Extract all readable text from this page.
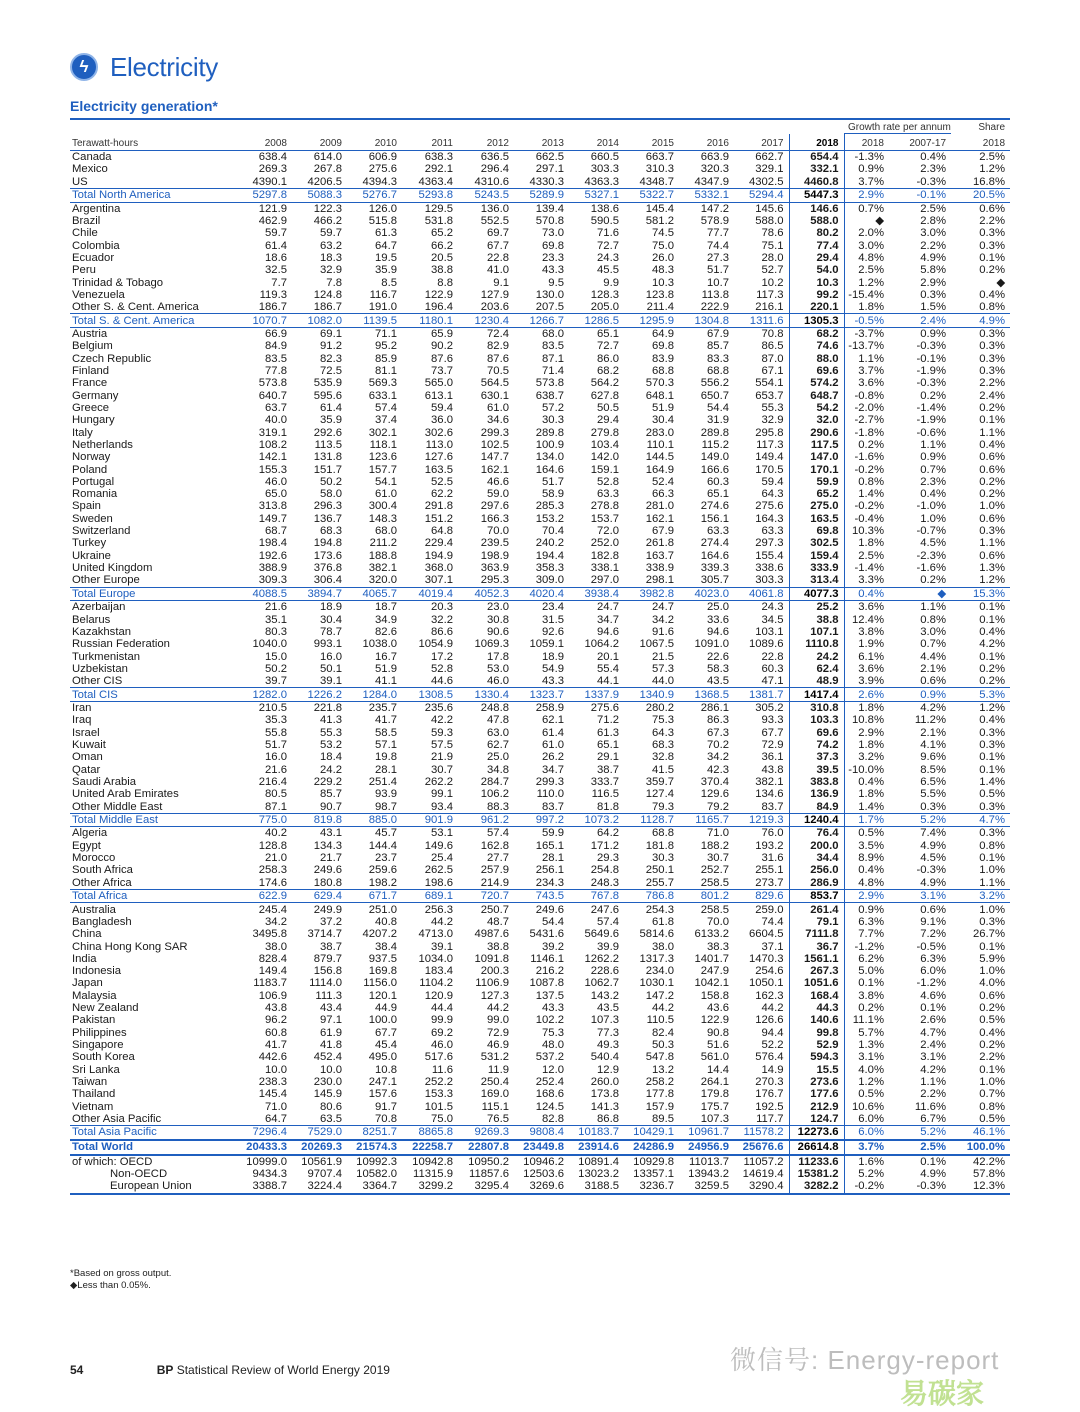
ϟ Electricity
Electricity generation*
												Growth rate per annum		Share
Terawatt-hours	2008	2009	2010	2011	2012	2013	2014	2015	2016	2017	2018	2018	2007-17	2018
Canada	638.4	614.0	606.9	638.3	636.5	662.5	660.5	663.7	663.9	662.7	654.4	-1.3%	0.4%	2.5%
Mexico	269.3	267.8	275.6	292.1	296.4	297.1	303.3	310.3	320.3	329.1	332.1	0.9%	2.3%	1.2%
US	4390.1	4206.5	4394.3	4363.4	4310.6	4330.3	4363.3	4348.7	4347.9	4302.5	4460.8	3.7%	-0.3%	16.8%
Total North America	5297.8	5088.3	5276.7	5293.8	5243.5	5289.9	5327.1	5322.7	5332.1	5294.4	5447.3	2.9%	-0.1%	20.5%
Argentina	121.9	122.3	126.0	129.5	136.0	139.4	138.6	145.4	147.2	145.6	146.6	0.7%	2.5%	0.6%
Brazil	462.9	466.2	515.8	531.8	552.5	570.8	590.5	581.2	578.9	588.0	588.0	◆	2.8%	2.2%
Chile	59.7	59.7	61.3	65.2	69.7	73.0	71.6	74.5	77.7	78.6	80.2	2.0%	3.0%	0.3%
Colombia	61.4	63.2	64.7	66.2	67.7	69.8	72.7	75.0	74.4	75.1	77.4	3.0%	2.2%	0.3%
Ecuador	18.6	18.3	19.5	20.5	22.8	23.3	24.3	26.0	27.3	28.0	29.4	4.8%	4.9%	0.1%
Peru	32.5	32.9	35.9	38.8	41.0	43.3	45.5	48.3	51.7	52.7	54.0	2.5%	5.8%	0.2%
Trinidad & Tobago	7.7	7.8	8.5	8.8	9.1	9.5	9.9	10.3	10.7	10.2	10.3	1.2%	2.9%	◆
Venezuela	119.3	124.8	116.7	122.9	127.9	130.0	128.3	123.8	113.8	117.3	99.2	-15.4%	0.3%	0.4%
Other S. & Cent. America	186.7	186.7	191.0	196.4	203.6	207.5	205.0	211.4	222.9	216.1	220.1	1.8%	1.5%	0.8%
Total S. & Cent. America	1070.7	1082.0	1139.5	1180.1	1230.4	1266.7	1286.5	1295.9	1304.8	1311.6	1305.3	-0.5%	2.4%	4.9%
Austria	66.9	69.1	71.1	65.9	72.4	68.0	65.1	64.9	67.9	70.8	68.2	-3.7%	0.9%	0.3%
Belgium	84.9	91.2	95.2	90.2	82.9	83.5	72.7	69.8	85.7	86.5	74.6	-13.7%	-0.3%	0.3%
Czech Republic	83.5	82.3	85.9	87.6	87.6	87.1	86.0	83.9	83.3	87.0	88.0	1.1%	-0.1%	0.3%
Finland	77.8	72.5	81.1	73.7	70.5	71.4	68.2	68.8	68.8	67.1	69.6	3.7%	-1.9%	0.3%
France	573.8	535.9	569.3	565.0	564.5	573.8	564.2	570.3	556.2	554.1	574.2	3.6%	-0.3%	2.2%
Germany	640.7	595.6	633.1	613.1	630.1	638.7	627.8	648.1	650.7	653.7	648.7	-0.8%	0.2%	2.4%
Greece	63.7	61.4	57.4	59.4	61.0	57.2	50.5	51.9	54.4	55.3	54.2	-2.0%	-1.4%	0.2%
Hungary	40.0	35.9	37.4	36.0	34.6	30.3	29.4	30.4	31.9	32.9	32.0	-2.7%	-1.9%	0.1%
Italy	319.1	292.6	302.1	302.6	299.3	289.8	279.8	283.0	289.8	295.8	290.6	-1.8%	-0.6%	1.1%
Netherlands	108.2	113.5	118.1	113.0	102.5	100.9	103.4	110.1	115.2	117.3	117.5	0.2%	1.1%	0.4%
Norway	142.1	131.8	123.6	127.6	147.7	134.0	142.0	144.5	149.0	149.4	147.0	-1.6%	0.9%	0.6%
Poland	155.3	151.7	157.7	163.5	162.1	164.6	159.1	164.9	166.6	170.5	170.1	-0.2%	0.7%	0.6%
Portugal	46.0	50.2	54.1	52.5	46.6	51.7	52.8	52.4	60.3	59.4	59.9	0.8%	2.3%	0.2%
Romania	65.0	58.0	61.0	62.2	59.0	58.9	63.3	66.3	65.1	64.3	65.2	1.4%	0.4%	0.2%
Spain	313.8	296.3	300.4	291.8	297.6	285.3	278.8	281.0	274.6	275.6	275.0	-0.2%	-1.0%	1.0%
Sweden	149.7	136.7	148.3	151.2	166.3	153.2	153.7	162.1	156.1	164.3	163.5	-0.4%	1.0%	0.6%
Switzerland	68.7	68.3	68.0	64.8	70.0	70.4	72.0	67.9	63.3	63.3	69.8	10.3%	-0.7%	0.3%
Turkey	198.4	194.8	211.2	229.4	239.5	240.2	252.0	261.8	274.4	297.3	302.5	1.8%	4.5%	1.1%
Ukraine	192.6	173.6	188.8	194.9	198.9	194.4	182.8	163.7	164.6	155.4	159.4	2.5%	-2.3%	0.6%
United Kingdom	388.9	376.8	382.1	368.0	363.9	358.3	338.1	338.9	339.3	338.6	333.9	-1.4%	-1.6%	1.3%
Other Europe	309.3	306.4	320.0	307.1	295.3	309.0	297.0	298.1	305.7	303.3	313.4	3.3%	0.2%	1.2%
Total Europe	4088.5	3894.7	4065.7	4019.4	4052.3	4020.4	3938.4	3982.8	4023.0	4061.8	4077.3	0.4%	◆	15.3%
Azerbaijan	21.6	18.9	18.7	20.3	23.0	23.4	24.7	24.7	25.0	24.3	25.2	3.6%	1.1%	0.1%
Belarus	35.1	30.4	34.9	32.2	30.8	31.5	34.7	34.2	33.6	34.5	38.8	12.4%	0.8%	0.1%
Kazakhstan	80.3	78.7	82.6	86.6	90.6	92.6	94.6	91.6	94.6	103.1	107.1	3.8%	3.0%	0.4%
Russian Federation	1040.0	993.1	1038.0	1054.9	1069.3	1059.1	1064.2	1067.5	1091.0	1089.6	1110.8	1.9%	0.7%	4.2%
Turkmenistan	15.0	16.0	16.7	17.2	17.8	18.9	20.1	21.5	22.6	22.8	24.2	6.1%	4.4%	0.1%
Uzbekistan	50.2	50.1	51.9	52.8	53.0	54.9	55.4	57.3	58.3	60.3	62.4	3.6%	2.1%	0.2%
Other CIS	39.7	39.1	41.1	44.6	46.0	43.3	44.1	44.0	43.5	47.1	48.9	3.9%	0.6%	0.2%
Total CIS	1282.0	1226.2	1284.0	1308.5	1330.4	1323.7	1337.9	1340.9	1368.5	1381.7	1417.4	2.6%	0.9%	5.3%
Iran	210.5	221.8	235.7	235.6	248.8	258.9	275.6	280.2	286.1	305.2	310.8	1.8%	4.2%	1.2%
Iraq	35.3	41.3	41.7	42.2	47.8	62.1	71.2	75.3	86.3	93.3	103.3	10.8%	11.2%	0.4%
Israel	55.8	55.3	58.5	59.3	63.0	61.4	61.3	64.3	67.3	67.7	69.6	2.9%	2.1%	0.3%
Kuwait	51.7	53.2	57.1	57.5	62.7	61.0	65.1	68.3	70.2	72.9	74.2	1.8%	4.1%	0.3%
Oman	16.0	18.4	19.8	21.9	25.0	26.2	29.1	32.8	34.2	36.1	37.3	3.2%	9.6%	0.1%
Qatar	21.6	24.2	28.1	30.7	34.8	34.7	38.7	41.5	42.3	43.8	39.5	-10.0%	8.5%	0.1%
Saudi Arabia	216.4	229.2	251.4	262.2	284.7	299.3	333.7	359.7	370.4	382.1	383.8	0.4%	6.5%	1.4%
United Arab Emirates	80.5	85.7	93.9	99.1	106.2	110.0	116.5	127.4	129.6	134.6	136.9	1.8%	5.5%	0.5%
Other Middle East	87.1	90.7	98.7	93.4	88.3	83.7	81.8	79.3	79.2	83.7	84.9	1.4%	0.3%	0.3%
Total Middle East	775.0	819.8	885.0	901.9	961.2	997.2	1073.2	1128.7	1165.7	1219.3	1240.4	1.7%	5.2%	4.7%
Algeria	40.2	43.1	45.7	53.1	57.4	59.9	64.2	68.8	71.0	76.0	76.4	0.5%	7.4%	0.3%
Egypt	128.8	134.3	144.4	149.6	162.8	165.1	171.2	181.8	188.2	193.2	200.0	3.5%	4.9%	0.8%
Morocco	21.0	21.7	23.7	25.4	27.7	28.1	29.3	30.3	30.7	31.6	34.4	8.9%	4.5%	0.1%
South Africa	258.3	249.6	259.6	262.5	257.9	256.1	254.8	250.1	252.7	255.1	256.0	0.4%	-0.3%	1.0%
Other Africa	174.6	180.8	198.2	198.6	214.9	234.3	248.3	255.7	258.5	273.7	286.9	4.8%	4.9%	1.1%
Total Africa	622.9	629.4	671.7	689.1	720.7	743.5	767.8	786.8	801.2	829.6	853.7	2.9%	3.1%	3.2%
Australia	245.4	249.9	251.0	256.3	250.7	249.6	247.6	254.3	258.5	259.0	261.4	0.9%	0.6%	1.0%
Bangladesh	34.2	37.2	40.8	44.2	48.7	54.4	57.4	61.8	70.0	74.4	79.1	6.3%	9.1%	0.3%
China	3495.8	3714.7	4207.2	4713.0	4987.6	5431.6	5649.6	5814.6	6133.2	6604.5	7111.8	7.7%	7.2%	26.7%
China Hong Kong SAR	38.0	38.7	38.4	39.1	38.8	39.2	39.9	38.0	38.3	37.1	36.7	-1.2%	-0.5%	0.1%
India	828.4	879.7	937.5	1034.0	1091.8	1146.1	1262.2	1317.3	1401.7	1470.3	1561.1	6.2%	6.3%	5.9%
Indonesia	149.4	156.8	169.8	183.4	200.3	216.2	228.6	234.0	247.9	254.6	267.3	5.0%	6.0%	1.0%
Japan	1183.7	1114.0	1156.0	1104.2	1106.9	1087.8	1062.7	1030.1	1042.1	1050.1	1051.6	0.1%	-1.2%	4.0%
Malaysia	106.9	111.3	120.1	120.9	127.3	137.5	143.2	147.2	158.8	162.3	168.4	3.8%	4.6%	0.6%
New Zealand	43.8	43.4	44.9	44.4	44.2	43.3	43.5	44.2	43.6	44.2	44.3	0.2%	0.1%	0.2%
Pakistan	96.2	97.1	100.0	99.9	99.0	102.2	107.3	110.5	122.9	126.6	140.6	11.1%	2.6%	0.5%
Philippines	60.8	61.9	67.7	69.2	72.9	75.3	77.3	82.4	90.8	94.4	99.8	5.7%	4.7%	0.4%
Singapore	41.7	41.8	45.4	46.0	46.9	48.0	49.3	50.3	51.6	52.2	52.9	1.3%	2.4%	0.2%
South Korea	442.6	452.4	495.0	517.6	531.2	537.2	540.4	547.8	561.0	576.4	594.3	3.1%	3.1%	2.2%
Sri Lanka	10.0	10.0	10.8	11.6	11.9	12.0	12.9	13.2	14.4	14.9	15.5	4.0%	4.2%	0.1%
Taiwan	238.3	230.0	247.1	252.2	250.4	252.4	260.0	258.2	264.1	270.3	273.6	1.2%	1.1%	1.0%
Thailand	145.4	145.9	157.6	153.3	169.0	168.6	173.8	177.8	179.8	176.7	177.6	0.5%	2.2%	0.7%
Vietnam	71.0	80.6	91.7	101.5	115.1	124.5	141.3	157.9	175.7	192.5	212.9	10.6%	11.6%	0.8%
Other Asia Pacific	64.7	63.5	70.8	75.0	76.5	82.8	86.8	89.5	107.3	117.7	124.7	6.0%	6.7%	0.5%
Total Asia Pacific	7296.4	7529.0	8251.7	8865.8	9269.3	9808.4	10183.7	10429.1	10961.7	11578.2	12273.6	6.0%	5.2%	46.1%
Total World	20433.3	20269.3	21574.3	22258.7	22807.8	23449.8	23914.6	24286.9	24956.9	25676.6	26614.8	3.7%	2.5%	100.0%
of which: OECD	10999.0	10561.9	10992.3	10942.8	10950.2	10946.2	10891.4	10929.8	11013.7	11057.2	11233.6	1.6%	0.1%	42.2%
Non-OECD	9434.3	9707.4	10582.0	11315.9	11857.6	12503.6	13023.2	13357.1	13943.2	14619.4	15381.2	5.2%	4.9%	57.8%
European Union	3388.7	3224.4	3364.7	3299.2	3295.4	3269.6	3188.5	3236.7	3259.5	3290.4	3282.2	-0.2%	-0.3%	12.3%
*Based on gross output.
◆Less than 0.05%.
54	BP Statistical Review of World Energy 2019	微信号: Energy-report
易碳家
